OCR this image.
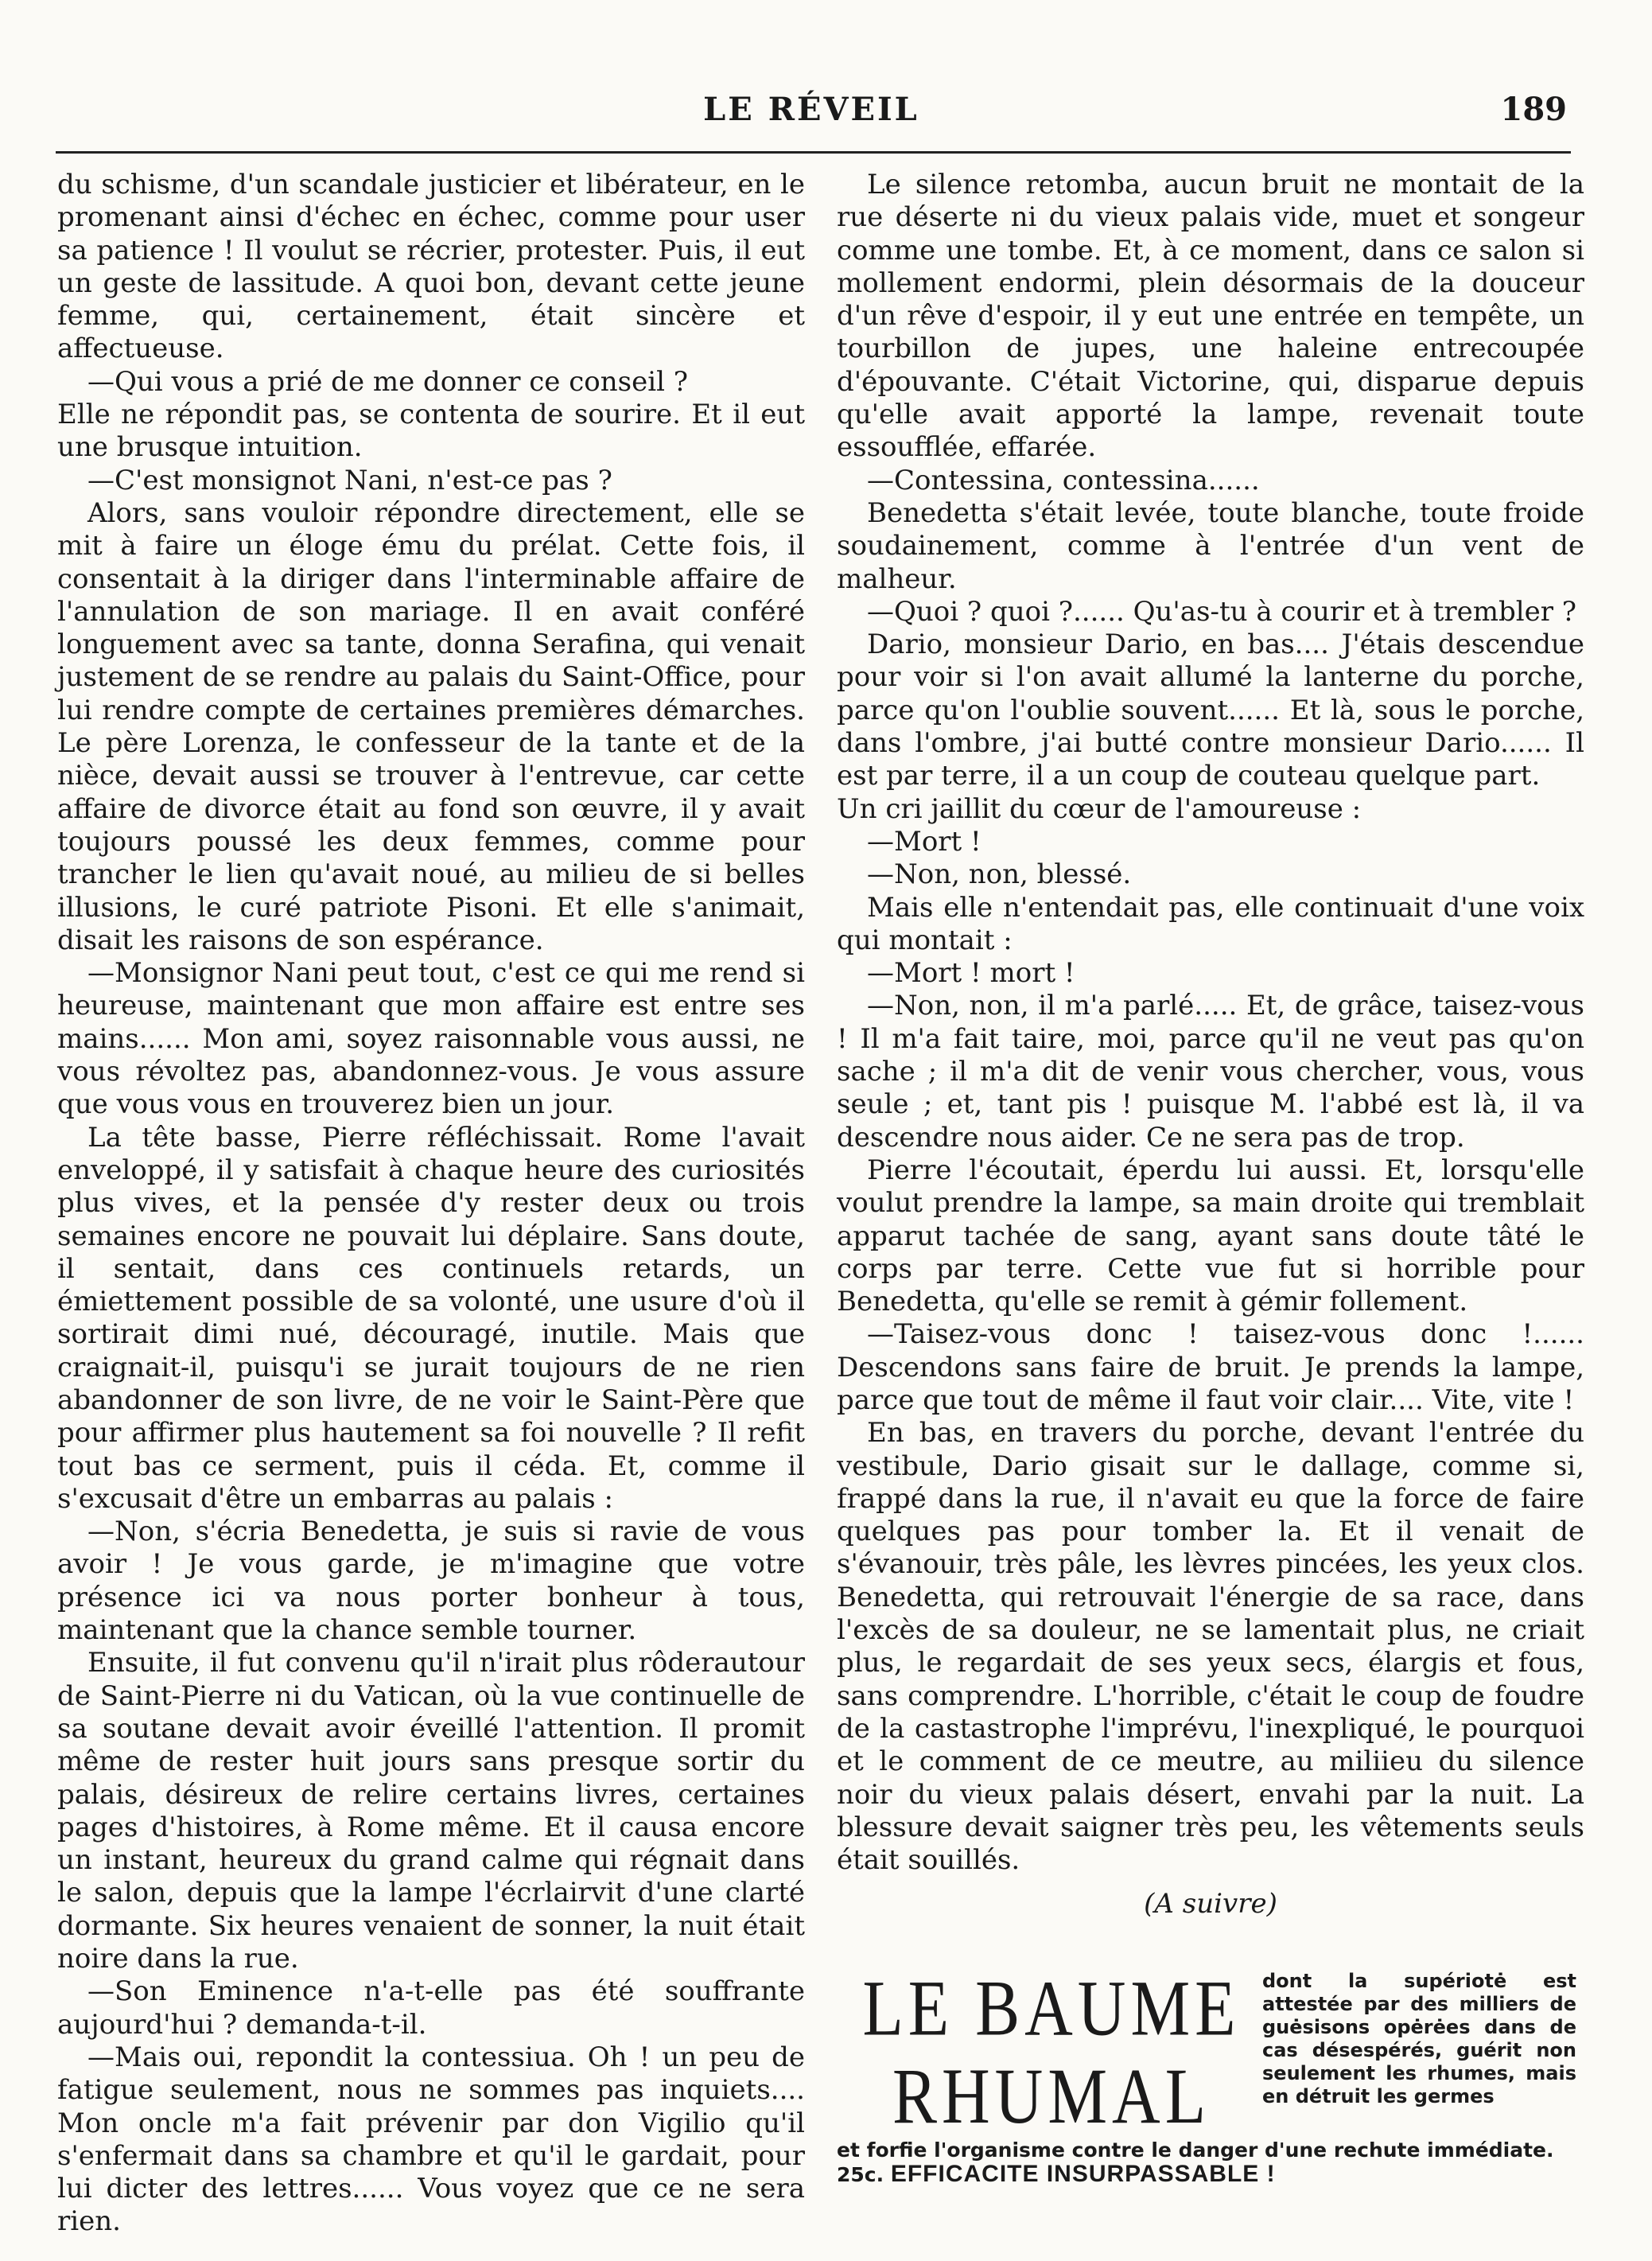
LE RÉVEIL	189

du schisme, d'un scandale justicier et libérateur, en le promenant ainsi d'échec en échec, comme pour user sa patience ! Il voulut se récrier, protester. Puis, il eut un geste de lassitude. A quoi bon, devant cette jeune femme, qui, certainement, était sincère et affectueuse.

—Qui vous a prié de me donner ce conseil ?

Elle ne répondit pas, se contenta de sourire. Et il eut une brusque intuition.

—C'est monsignot Nani, n'est-ce pas ?

Alors, sans vouloir répondre directement, elle se mit à faire un éloge ému du prélat. Cette fois, il consentait à la diriger dans l'interminable affaire de l'annulation de son mariage. Il en avait conféré longuement avec sa tante, donna Serafina, qui venait justement de se rendre au palais du Saint-Office, pour lui rendre compte de certaines premières démarches. Le père Lorenza, le confesseur de la tante et de la nièce, devait aussi se trouver à l'entrevue, car cette affaire de divorce était au fond son œuvre, il y avait toujours poussé les deux femmes, comme pour trancher le lien qu'avait noué, au milieu de si belles illusions, le curé patriote Pisoni. Et elle s'animait, disait les raisons de son espérance.

—Monsignor Nani peut tout, c'est ce qui me rend si heureuse, maintenant que mon affaire est entre ses mains...... Mon ami, soyez raisonnable vous aussi, ne vous révoltez pas, abandonnez-vous. Je vous assure que vous vous en trouverez bien un jour.

La tête basse, Pierre réfléchissait. Rome l'avait enveloppé, il y satisfait à chaque heure des curiosités plus vives, et la pensée d'y rester deux ou trois semaines encore ne pouvait lui déplaire. Sans doute, il sentait, dans ces continuels retards, un émiettement possible de sa volonté, une usure d'où il sortirait dimi nué, découragé, inutile. Mais que craignait-il, puisqu'i se jurait toujours de ne rien abandonner de son livre, de ne voir le Saint-Père que pour affirmer plus hautement sa foi nouvelle ? Il refit tout bas ce serment, puis il céda. Et, comme il s'excusait d'être un embarras au palais :

—Non, s'écria Benedetta, je suis si ravie de vous avoir ! Je vous garde, je m'imagine que votre présence ici va nous porter bonheur à tous, maintenant que la chance semble tourner.

Ensuite, il fut convenu qu'il n'irait plus rôderautour de Saint-Pierre ni du Vatican, où la vue continuelle de sa soutane devait avoir éveillé l'attention. Il promit même de rester huit jours sans presque sortir du palais, désireux de relire certains livres, certaines pages d'histoires, à Rome même. Et il causa encore un instant, heureux du grand calme qui régnait dans le salon, depuis que la lampe l'écrlairvit d'une clarté dormante. Six heures venaient de sonner, la nuit était noire dans la rue.

—Son Eminence n'a-t-elle pas été souffrante aujourd'hui ? demanda-t-il.

—Mais oui, repondit la contessiua. Oh ! un peu de fatigue seulement, nous ne sommes pas inquiets.... Mon oncle m'a fait prévenir par don Vigilio qu'il s'enfermait dans sa chambre et qu'il le gardait, pour lui dicter des lettres...... Vous voyez que ce ne sera rien.

Le silence retomba, aucun bruit ne montait de la rue déserte ni du vieux palais vide, muet et songeur comme une tombe. Et, à ce moment, dans ce salon si mollement endormi, plein désormais de la douceur d'un rêve d'espoir, il y eut une entrée en tempête, un tourbillon de jupes, une haleine entrecoupée d'épouvante. C'était Victorine, qui, disparue depuis qu'elle avait apporté la lampe, revenait toute essoufflée, effarée.

—Contessina, contessina......

Benedetta s'était levée, toute blanche, toute froide soudainement, comme à l'entrée d'un vent de malheur.

—Quoi ? quoi ?...... Qu'as-tu à courir et à trembler ?

Dario, monsieur Dario, en bas.... J'étais descendue pour voir si l'on avait allumé la lanterne du porche, parce qu'on l'oublie souvent...... Et là, sous le porche, dans l'ombre, j'ai butté contre monsieur Dario...... Il est par terre, il a un coup de couteau quelque part.

Un cri jaillit du cœur de l'amoureuse :

—Mort !

—Non, non, blessé.

Mais elle n'entendait pas, elle continuait d'une voix qui montait :

—Mort ! mort !

—Non, non, il m'a parlé..... Et, de grâce, taisez-vous ! Il m'a fait taire, moi, parce qu'il ne veut pas qu'on sache ; il m'a dit de venir vous chercher, vous, vous seule ; et, tant pis ! puisque M. l'abbé est là, il va descendre nous aider. Ce ne sera pas de trop.

Pierre l'écoutait, éperdu lui aussi. Et, lorsqu'elle voulut prendre la lampe, sa main droite qui tremblait apparut tachée de sang, ayant sans doute tâté le corps par terre. Cette vue fut si horrible pour Benedetta, qu'elle se remit à gémir follement.

—Taisez-vous donc ! taisez-vous donc !...... Descendons sans faire de bruit. Je prends la lampe, parce que tout de même il faut voir clair.... Vite, vite !

En bas, en travers du porche, devant l'entrée du vestibule, Dario gisait sur le dallage, comme si, frappé dans la rue, il n'avait eu que la force de faire quelques pas pour tomber la. Et il venait de s'évanouir, très pâle, les lèvres pincées, les yeux clos. Benedetta, qui retrouvait l'énergie de sa race, dans l'excès de sa douleur, ne se lamentait plus, ne criait plus, le regardait de ses yeux secs, élargis et fous, sans comprendre. L'horrible, c'était le coup de foudre de la castastrophe l'imprévu, l'inexpliqué, le pourquoi et le comment de ce meutre, au miliieu du silence noir du vieux palais désert, envahi par la nuit. La blessure devait saigner très peu, les vêtements seuls était souillés.

(A suivre)
LE BAUME
RHUMAL
dont la supériotė est attestée par des milliers de guėsisons opėrėes dans de cas désespérés, guérit non seulement les rhumes, mais en détruit les germes
et forfie l'organisme contre le danger d'une rechute immédiate. 25c. EFFICACITE INSURPASSABLE !
